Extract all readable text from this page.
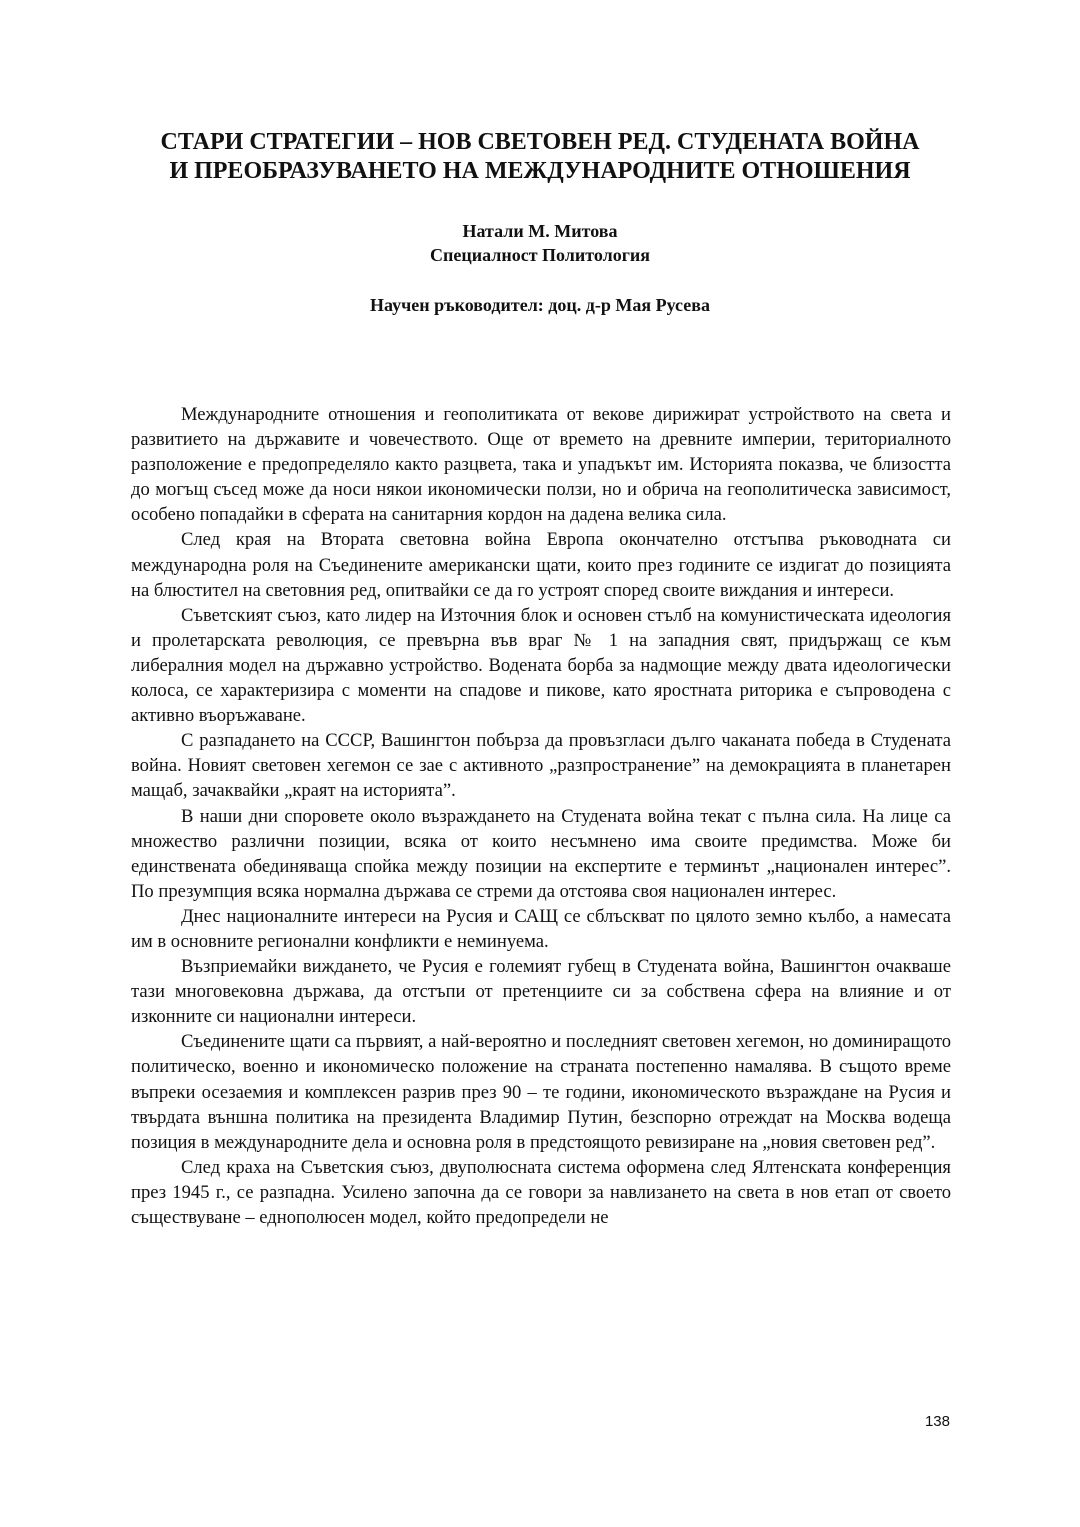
СТАРИ СТРАТЕГИИ – НОВ СВЕТОВЕН РЕД. СТУДЕНАТА ВОЙНА
И ПРЕОБРАЗУВАНЕТО НА МЕЖДУНАРОДНИТЕ ОТНОШЕНИЯ
Натали М. Митова
Специалност Политология
Научен ръководител: доц. д-р Мая Русева

Международните отношения и геополитиката от векове дирижират устройството на света и развитието на държавите и човечеството. Още от времето на древните империи, териториалното разположение е предопределяло както разцвета, така и упадъкът им. Историята показва, че близостта до могъщ съсед може да носи някои икономически ползи, но и обрича на геополитическа зависимост, особено попадайки в сферата на санитарния кордон на дадена велика сила.

След края на Втората световна война Европа окончателно отстъпва ръководната си международна роля на Съединените американски щати, които през годините се издигат до позицията на блюстител на световния ред, опитвайки се да го устроят според своите виждания и интереси.

Съветският съюз, като лидер на Източния блок и основен стълб на комунистическата идеология и пролетарската революция, се превърна във враг № 1 на западния свят, придържащ се към либералния модел на държавно устройство. Водената борба за надмощие между двата идеологически колоса, се характеризира с моменти на спадове и пикове, като яростната риторика е съпроводена с активно въоръжаване.

С разпадането на СССР, Вашингтон побърза да провъзгласи дълго чаканата победа в Студената война. Новият световен хегемон се зае с активното „разпространение” на демокрацията в планетарен мащаб, зачаквайки „краят на историята”.

В наши дни споровете около възраждането на Студената война текат с пълна сила. На лице са множество различни позиции, всяка от които несъмнено има своите предимства. Може би единствената обединяваща спойка между позиции на експертите е терминът „национален интерес”. По презумпция всяка нормална държава се стреми да отстоява своя национален интерес.

Днес националните интереси на Русия и САЩ се сблъскват по цялото земно кълбо, а намесата им в основните регионални конфликти е неминуема.

Възприемайки виждането, че Русия е големият губещ в Студената война, Вашингтон очакваше тази многовековна държава, да отстъпи от претенциите си за собствена сфера на влияние и от изконните си национални интереси.

Съединените щати са първият, а най-вероятно и последният световен хегемон, но доминиращото политическо, военно и икономическо положение на страната постепенно намалява. В същото време въпреки осезаемия и комплексен разрив през 90 – те години, икономическото възраждане на Русия и твърдата външна политика на президента Владимир Путин, безспорно отреждат на Москва водеща позиция в международните дела и основна роля в предстоящото ревизиране на „новия световен ред”.

След краха на Съветския съюз, двуполюсната система оформена след Ялтенската конференция през 1945 г., се разпадна. Усилено започна да се говори за навлизането на света в нов етап от своето съществуване – еднополюсен модел, който предопредели не

138
